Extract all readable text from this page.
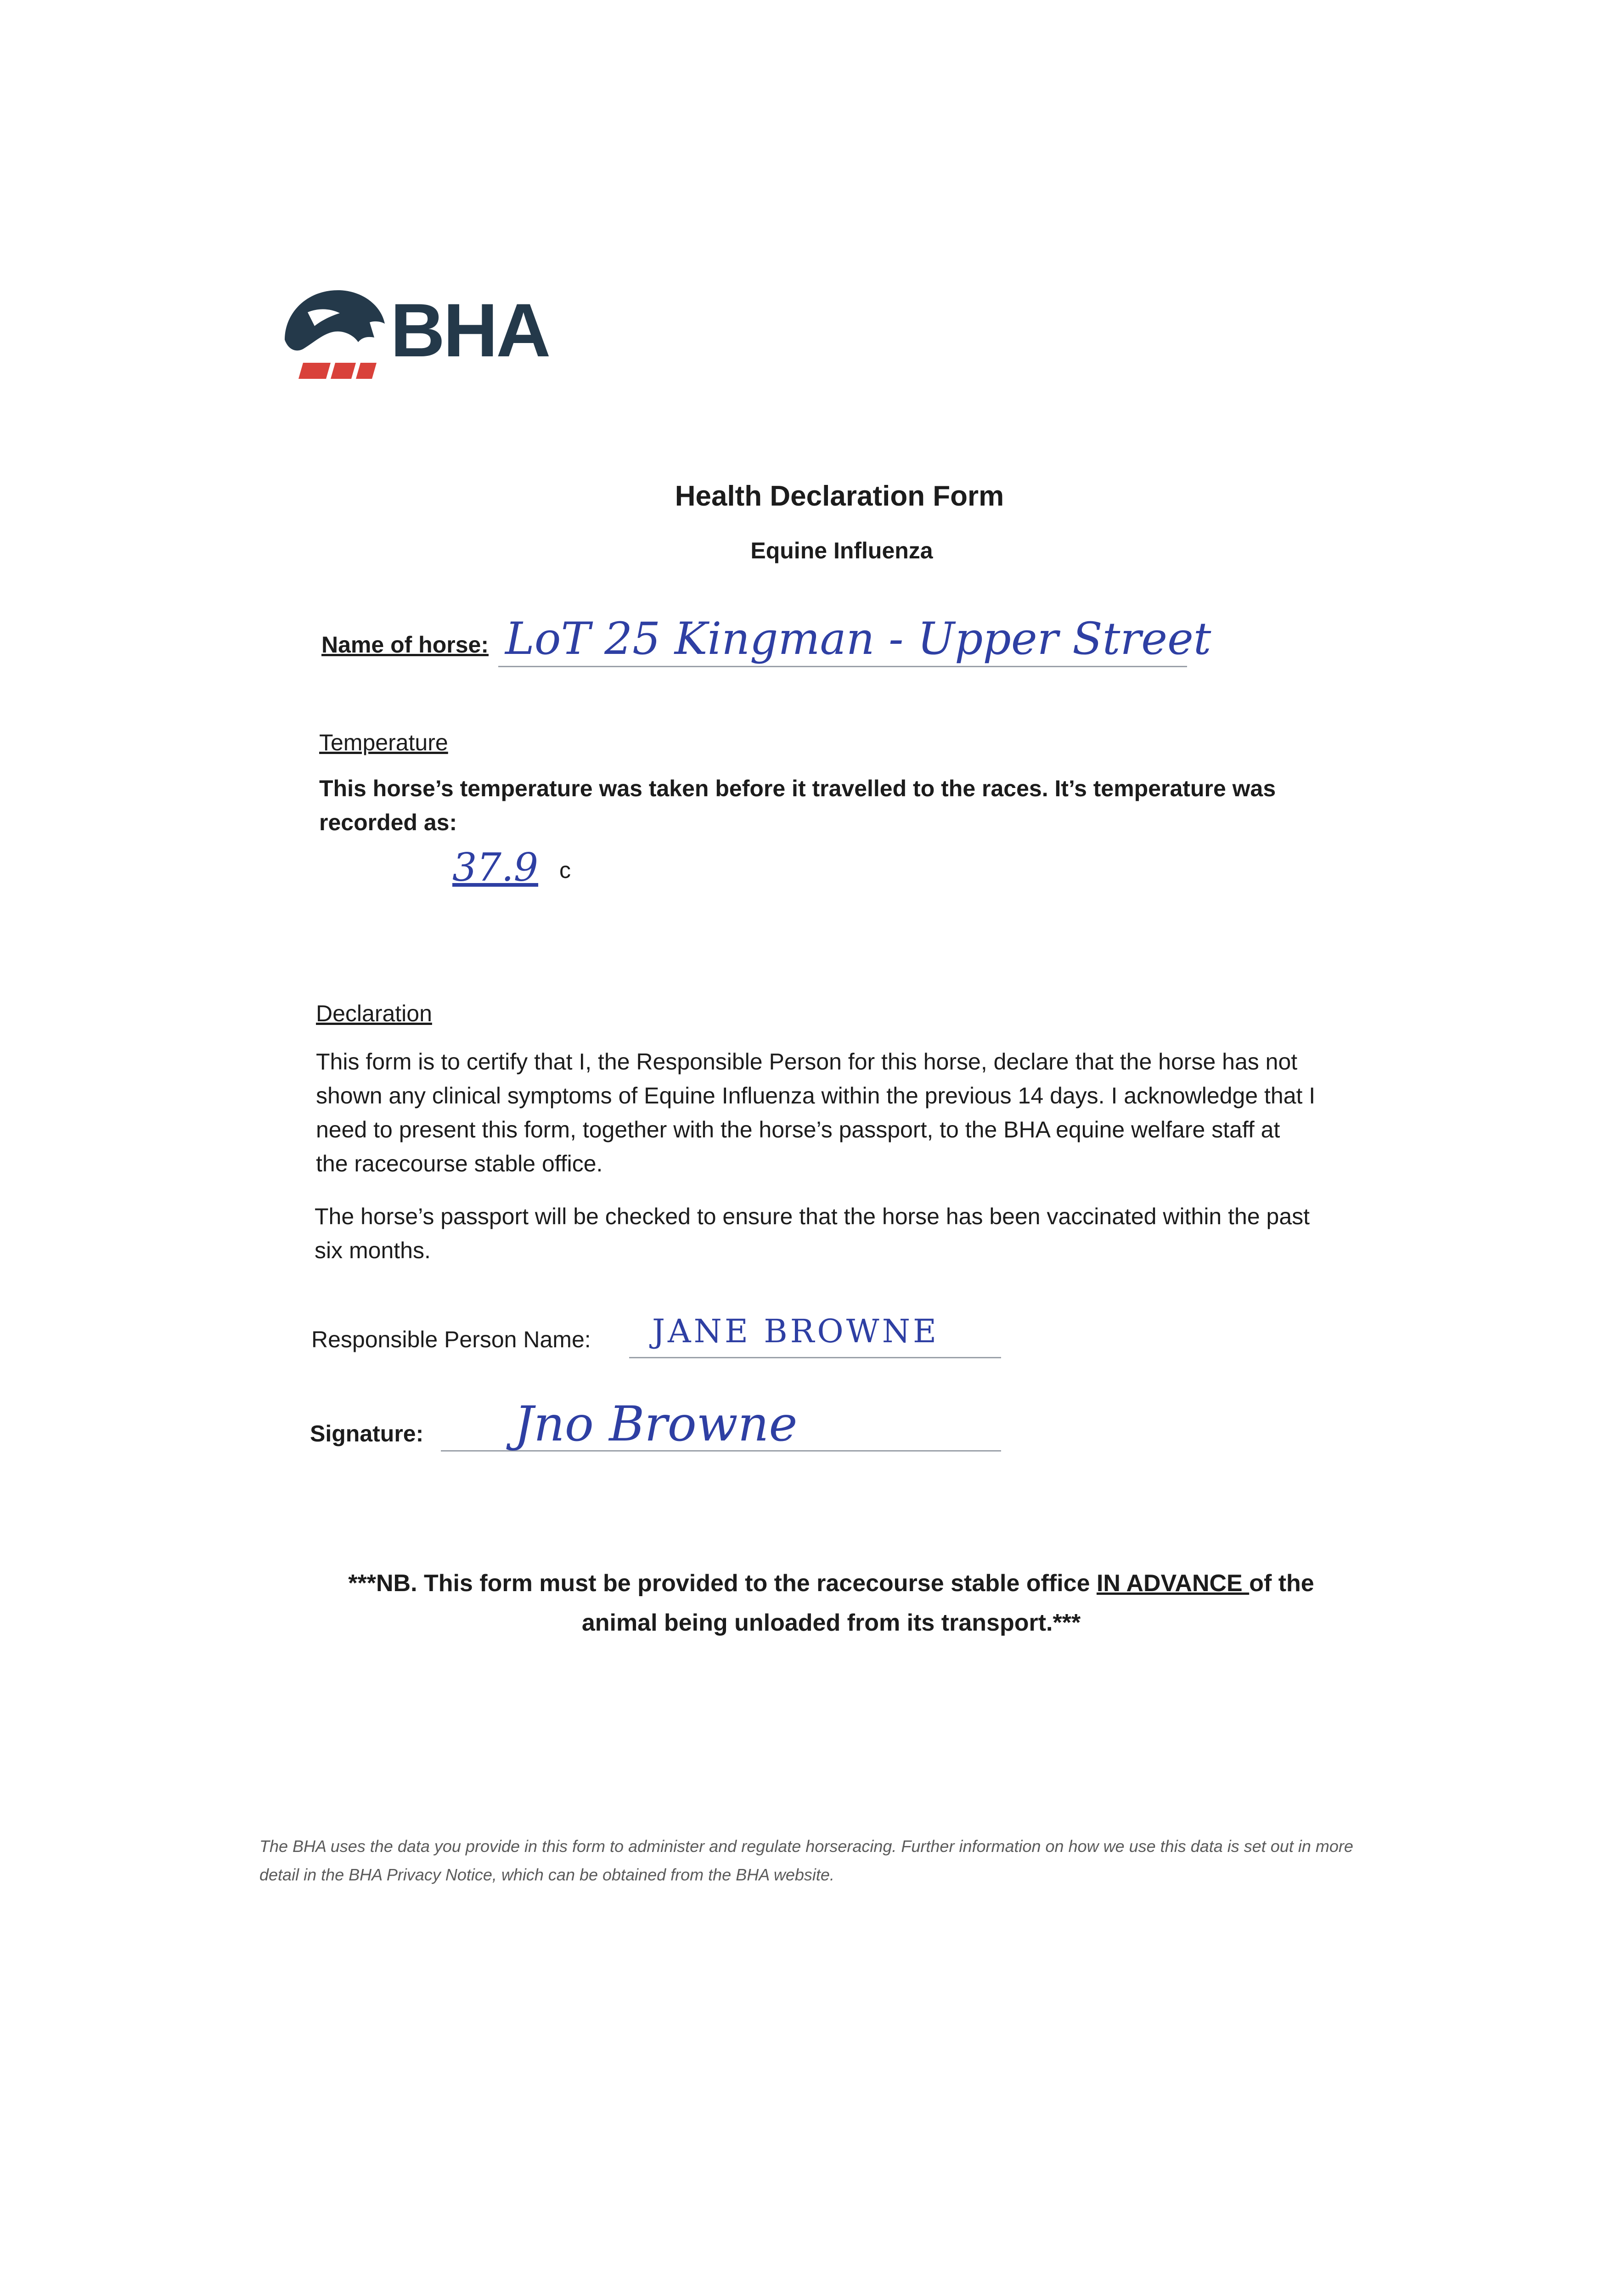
BHA
Health Declaration Form
Equine Influenza
Name of horse: LoT 25 Kingman - Upper Street
Temperature
This horse’s temperature was taken before it travelled to the races. It’s temperature was recorded as:
37.9 c
Declaration
This form is to certify that I, the Responsible Person for this horse, declare that the horse has not shown any clinical symptoms of Equine Influenza within the previous 14 days. I acknowledge that I need to present this form, together with the horse’s passport, to the BHA equine welfare staff at the racecourse stable office.
The horse’s passport will be checked to ensure that the horse has been vaccinated within the past six months.
Responsible Person Name: JANE BROWNE
Signature: Jno Browne
***NB. This form must be provided to the racecourse stable office IN ADVANCE of the animal being unloaded from its transport.***
The BHA uses the data you provide in this form to administer and regulate horseracing. Further information on how we use this data is set out in more detail in the BHA Privacy Notice, which can be obtained from the BHA website.
